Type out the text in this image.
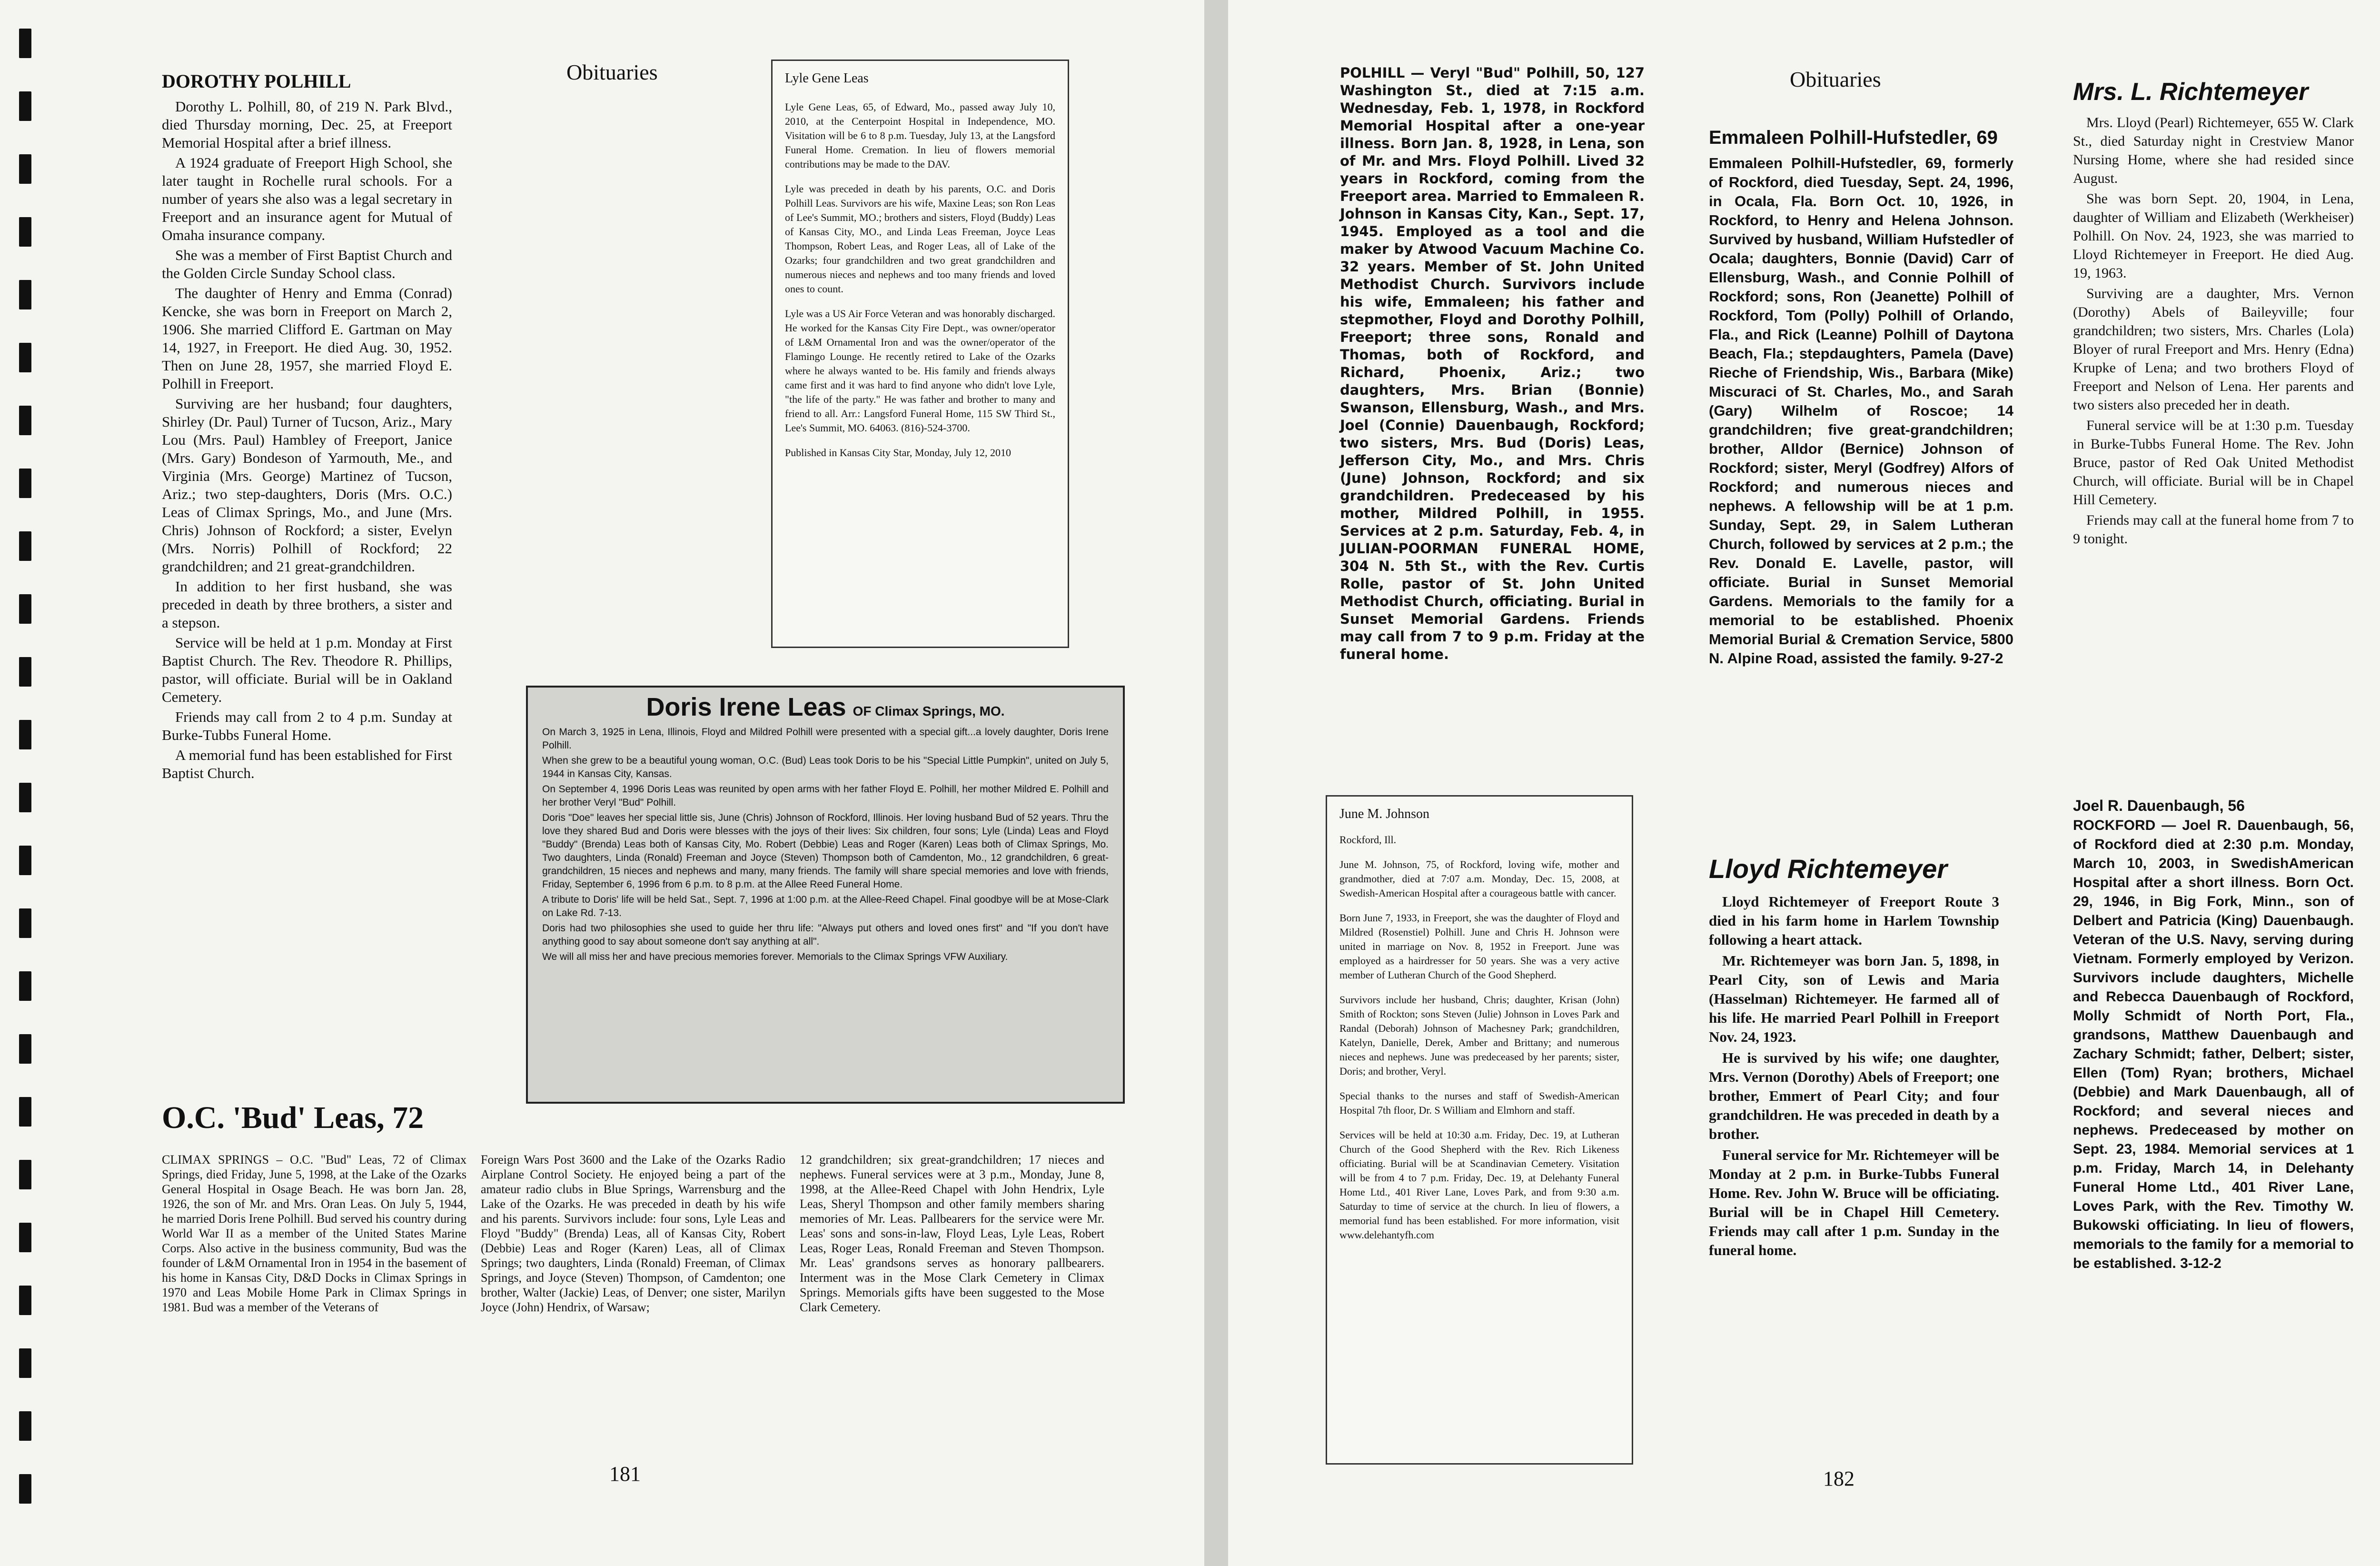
Obituaries
DOROTHY POLHILL

Dorothy L. Polhill, 80, of 219 N. Park Blvd., died Thursday morning, Dec. 25, at Freeport Memorial Hospital after a brief illness.

A 1924 graduate of Freeport High School, she later taught in Rochelle rural schools. For a number of years she also was a legal secretary in Freeport and an insurance agent for Mutual of Omaha insurance company.

She was a member of First Baptist Church and the Golden Circle Sunday School class.

The daughter of Henry and Emma (Conrad) Kencke, she was born in Freeport on March 2, 1906. She married Clifford E. Gartman on May 14, 1927, in Freeport. He died Aug. 30, 1952. Then on June 28, 1957, she married Floyd E. Polhill in Freeport.

Surviving are her husband; four daughters, Shirley (Dr. Paul) Turner of Tucson, Ariz., Mary Lou (Mrs. Paul) Hambley of Freeport, Janice (Mrs. Gary) Bondeson of Yarmouth, Me., and Virginia (Mrs. George) Martinez of Tucson, Ariz.; two step-daughters, Doris (Mrs. O.C.) Leas of Climax Springs, Mo., and June (Mrs. Chris) Johnson of Rockford; a sister, Evelyn (Mrs. Norris) Polhill of Rockford; 22 grandchildren; and 21 great-grandchildren.

In addition to her first husband, she was preceded in death by three brothers, a sister and a stepson.

Service will be held at 1 p.m. Monday at First Baptist Church. The Rev. Theodore R. Phillips, pastor, will officiate. Burial will be in Oakland Cemetery.

Friends may call from 2 to 4 p.m. Sunday at Burke-Tubbs Funeral Home.

A memorial fund has been established for First Baptist Church.

Lyle Gene Leas

Lyle Gene Leas, 65, of Edward, Mo., passed away July 10, 2010, at the Centerpoint Hospital in Independence, MO. Visitation will be 6 to 8 p.m. Tuesday, July 13, at the Langsford Funeral Home. Cremation. In lieu of flowers memorial contributions may be made to the DAV.

Lyle was preceded in death by his parents, O.C. and Doris Polhill Leas. Survivors are his wife, Maxine Leas; son Ron Leas of Lee's Summit, MO.; brothers and sisters, Floyd (Buddy) Leas of Kansas City, MO., and Linda Leas Freeman, Joyce Leas Thompson, Robert Leas, and Roger Leas, all of Lake of the Ozarks; four grandchildren and two great grandchildren and numerous nieces and nephews and too many friends and loved ones to count.

Lyle was a US Air Force Veteran and was honorably discharged. He worked for the Kansas City Fire Dept., was owner/operator of L&M Ornamental Iron and was the owner/operator of the Flamingo Lounge. He recently retired to Lake of the Ozarks where he always wanted to be. His family and friends always came first and it was hard to find anyone who didn't love Lyle, "the life of the party." He was father and brother to many and friend to all. Arr.: Langsford Funeral Home, 115 SW Third St., Lee's Summit, MO. 64063. (816)-524-3700.

Published in Kansas City Star, Monday, July 12, 2010

Doris Irene Leas OF Climax Springs, MO.

On March 3, 1925 in Lena, Illinois, Floyd and Mildred Polhill were presented with a special gift...a lovely daughter, Doris Irene Polhill.

When she grew to be a beautiful young woman, O.C. (Bud) Leas took Doris to be his "Special Little Pumpkin", united on July 5, 1944 in Kansas City, Kansas.

On September 4, 1996 Doris Leas was reunited by open arms with her father Floyd E. Polhill, her mother Mildred E. Polhill and her brother Veryl "Bud" Polhill.

Doris "Doe" leaves her special little sis, June (Chris) Johnson of Rockford, Illinois. Her loving husband Bud of 52 years. Thru the love they shared Bud and Doris were blesses with the joys of their lives: Six children, four sons; Lyle (Linda) Leas and Floyd "Buddy" (Brenda) Leas both of Kansas City, Mo. Robert (Debbie) Leas and Roger (Karen) Leas both of Climax Springs, Mo. Two daughters, Linda (Ronald) Freeman and Joyce (Steven) Thompson both of Camdenton, Mo., 12 grandchildren, 6 great-grandchildren, 15 nieces and nephews and many, many friends. The family will share special memories and love with friends, Friday, September 6, 1996 from 6 p.m. to 8 p.m. at the Allee Reed Funeral Home.

A tribute to Doris' life will be held Sat., Sept. 7, 1996 at 1:00 p.m. at the Allee-Reed Chapel. Final goodbye will be at Mose-Clark on Lake Rd. 7-13.

Doris had two philosophies she used to guide her thru life: "Always put others and loved ones first" and "If you don't have anything good to say about someone don't say anything at all".

We will all miss her and have precious memories forever. Memorials to the Climax Springs VFW Auxiliary.

O.C. 'Bud' Leas, 72
CLIMAX SPRINGS – O.C. "Bud" Leas, 72 of Climax Springs, died Friday, June 5, 1998, at the Lake of the Ozarks General Hospital in Osage Beach. He was born Jan. 28, 1926, the son of Mr. and Mrs. Oran Leas. On July 5, 1944, he married Doris Irene Polhill. Bud served his country during World War II as a member of the United States Marine Corps. Also active in the business community, Bud was the founder of L&M Ornamental Iron in 1954 in the basement of his home in Kansas City, D&D Docks in Climax Springs in 1970 and Leas Mobile Home Park in Climax Springs in 1981. Bud was a member of the Veterans of
Foreign Wars Post 3600 and the Lake of the Ozarks Radio Airplane Control Society. He enjoyed being a part of the amateur radio clubs in Blue Springs, Warrensburg and the Lake of the Ozarks. He was preceded in death by his wife and his parents. Survivors include: four sons, Lyle Leas and Floyd "Buddy" (Brenda) Leas, all of Kansas City, Robert (Debbie) Leas and Roger (Karen) Leas, all of Climax Springs; two daughters, Linda (Ronald) Freeman, of Climax Springs, and Joyce (Steven) Thompson, of Camdenton; one brother, Walter (Jackie) Leas, of Denver; one sister, Marilyn Joyce (John) Hendrix, of Warsaw;
12 grandchildren; six great-grandchildren; 17 nieces and nephews. Funeral services were at 3 p.m., Monday, June 8, 1998, at the Allee-Reed Chapel with John Hendrix, Lyle Leas, Sheryl Thompson and other family members sharing memories of Mr. Leas. Pallbearers for the service were Mr. Leas' sons and sons-in-law, Floyd Leas, Lyle Leas, Robert Leas, Roger Leas, Ronald Freeman and Steven Thompson. Mr. Leas' grandsons serves as honorary pallbearers. Interment was in the Mose Clark Cemetery in Climax Springs. Memorials gifts have been suggested to the Mose Clark Cemetery.
181
POLHILL — Veryl "Bud" Polhill, 50, 127 Washington St., died at 7:15 a.m. Wednesday, Feb. 1, 1978, in Rockford Memorial Hospital after a one-year illness. Born Jan. 8, 1928, in Lena, son of Mr. and Mrs. Floyd Polhill. Lived 32 years in Rockford, coming from the Freeport area. Married to Emmaleen R. Johnson in Kansas City, Kan., Sept. 17, 1945. Employed as a tool and die maker by Atwood Vacuum Machine Co. 32 years. Member of St. John United Methodist Church. Survivors include his wife, Emmaleen; his father and stepmother, Floyd and Dorothy Polhill, Freeport; three sons, Ronald and Thomas, both of Rockford, and Richard, Phoenix, Ariz.; two daughters, Mrs. Brian (Bonnie) Swanson, Ellensburg, Wash., and Mrs. Joel (Connie) Dauenbaugh, Rockford; two sisters, Mrs. Bud (Doris) Leas, Jefferson City, Mo., and Mrs. Chris (June) Johnson, Rockford; and six grandchildren. Predeceased by his mother, Mildred Polhill, in 1955. Services at 2 p.m. Saturday, Feb. 4, in JULIAN-POORMAN FUNERAL HOME, 304 N. 5th St., with the Rev. Curtis Rolle, pastor of St. John United Methodist Church, officiating. Burial in Sunset Memorial Gardens. Friends may call from 7 to 9 p.m. Friday at the funeral home.
Obituaries
Emmaleen Polhill-Hufstedler, 69
Emmaleen Polhill-Hufstedler, 69, formerly of Rockford, died Tuesday, Sept. 24, 1996, in Ocala, Fla. Born Oct. 10, 1926, in Rockford, to Henry and Helena Johnson. Survived by husband, William Hufstedler of Ocala; daughters, Bonnie (David) Carr of Ellensburg, Wash., and Connie Polhill of Rockford; sons, Ron (Jeanette) Polhill of Rockford, Tom (Polly) Polhill of Orlando, Fla., and Rick (Leanne) Polhill of Daytona Beach, Fla.; stepdaughters, Pamela (Dave) Rieche of Friendship, Wis., Barbara (Mike) Miscuraci of St. Charles, Mo., and Sarah (Gary) Wilhelm of Roscoe; 14 grandchildren; five great-grandchildren; brother, Alldor (Bernice) Johnson of Rockford; sister, Meryl (Godfrey) Alfors of Rockford; and numerous nieces and nephews. A fellowship will be at 1 p.m. Sunday, Sept. 29, in Salem Lutheran Church, followed by services at 2 p.m.; the Rev. Donald E. Lavelle, pastor, will officiate. Burial in Sunset Memorial Gardens. Memorials to the family for a memorial to be established. Phoenix Memorial Burial & Cremation Service, 5800 N. Alpine Road, assisted the family. 9-27-2

June M. Johnson

Rockford, Ill.

June M. Johnson, 75, of Rockford, loving wife, mother and grandmother, died at 7:07 a.m. Monday, Dec. 15, 2008, at Swedish-American Hospital after a courageous battle with cancer.

Born June 7, 1933, in Freeport, she was the daughter of Floyd and Mildred (Rosenstiel) Polhill. June and Chris H. Johnson were united in marriage on Nov. 8, 1952 in Freeport. June was employed as a hairdresser for 50 years. She was a very active member of Lutheran Church of the Good Shepherd.

Survivors include her husband, Chris; daughter, Krisan (John) Smith of Rockton; sons Steven (Julie) Johnson in Loves Park and Randal (Deborah) Johnson of Machesney Park; grandchildren, Katelyn, Danielle, Derek, Amber and Brittany; and numerous nieces and nephews. June was predeceased by her parents; sister, Doris; and brother, Veryl.

Special thanks to the nurses and staff of Swedish-American Hospital 7th floor, Dr. S William and Elmhorn and staff.

Services will be held at 10:30 a.m. Friday, Dec. 19, at Lutheran Church of the Good Shepherd with the Rev. Rich Likeness officiating. Burial will be at Scandinavian Cemetery. Visitation will be from 4 to 7 p.m. Friday, Dec. 19, at Delehanty Funeral Home Ltd., 401 River Lane, Loves Park, and from 9:30 a.m. Saturday to time of service at the church. In lieu of flowers, a memorial fund has been established. For more information, visit www.delehantyfh.com

Lloyd Richtemeyer

Lloyd Richtemeyer of Freeport Route 3 died in his farm home in Harlem Township following a heart attack.

Mr. Richtemeyer was born Jan. 5, 1898, in Pearl City, son of Lewis and Maria (Hasselman) Richtemeyer. He farmed all of his life. He married Pearl Polhill in Freeport Nov. 24, 1923.

He is survived by his wife; one daughter, Mrs. Vernon (Dorothy) Abels of Freeport; one brother, Emmert of Pearl City; and four grandchildren. He was preceded in death by a brother.

Funeral service for Mr. Richtemeyer will be Monday at 2 p.m. in Burke-Tubbs Funeral Home. Rev. John W. Bruce will be officiating. Burial will be in Chapel Hill Cemetery. Friends may call after 1 p.m. Sunday in the funeral home.

Mrs. L. Richtemeyer

Mrs. Lloyd (Pearl) Richtemeyer, 655 W. Clark St., died Saturday night in Crestview Manor Nursing Home, where she had resided since August.

She was born Sept. 20, 1904, in Lena, daughter of William and Elizabeth (Werkheiser) Polhill. On Nov. 24, 1923, she was married to Lloyd Richtemeyer in Freeport. He died Aug. 19, 1963.

Surviving are a daughter, Mrs. Vernon (Dorothy) Abels of Baileyville; four grandchildren; two sisters, Mrs. Charles (Lola) Bloyer of rural Freeport and Mrs. Henry (Edna) Krupke of Lena; and two brothers Floyd of Freeport and Nelson of Lena. Her parents and two sisters also preceded her in death.

Funeral service will be at 1:30 p.m. Tuesday in Burke-Tubbs Funeral Home. The Rev. John Bruce, pastor of Red Oak United Methodist Church, will officiate. Burial will be in Chapel Hill Cemetery.

Friends may call at the funeral home from 7 to 9 tonight.

Joel R. Dauenbaugh, 56
ROCKFORD — Joel R. Dauenbaugh, 56, of Rockford died at 2:30 p.m. Monday, March 10, 2003, in SwedishAmerican Hospital after a short illness. Born Oct. 29, 1946, in Big Fork, Minn., son of Delbert and Patricia (King) Dauenbaugh. Veteran of the U.S. Navy, serving during Vietnam. Formerly employed by Verizon. Survivors include daughters, Michelle and Rebecca Dauenbaugh of Rockford, Molly Schmidt of North Port, Fla., grandsons, Matthew Dauenbaugh and Zachary Schmidt; father, Delbert; sister, Ellen (Tom) Ryan; brothers, Michael (Debbie) and Mark Dauenbaugh, all of Rockford; and several nieces and nephews. Predeceased by mother on Sept. 23, 1984. Memorial services at 1 p.m. Friday, March 14, in Delehanty Funeral Home Ltd., 401 River Lane, Loves Park, with the Rev. Timothy W. Bukowski officiating. In lieu of flowers, memorials to the family for a memorial to be established. 3-12-2
182
